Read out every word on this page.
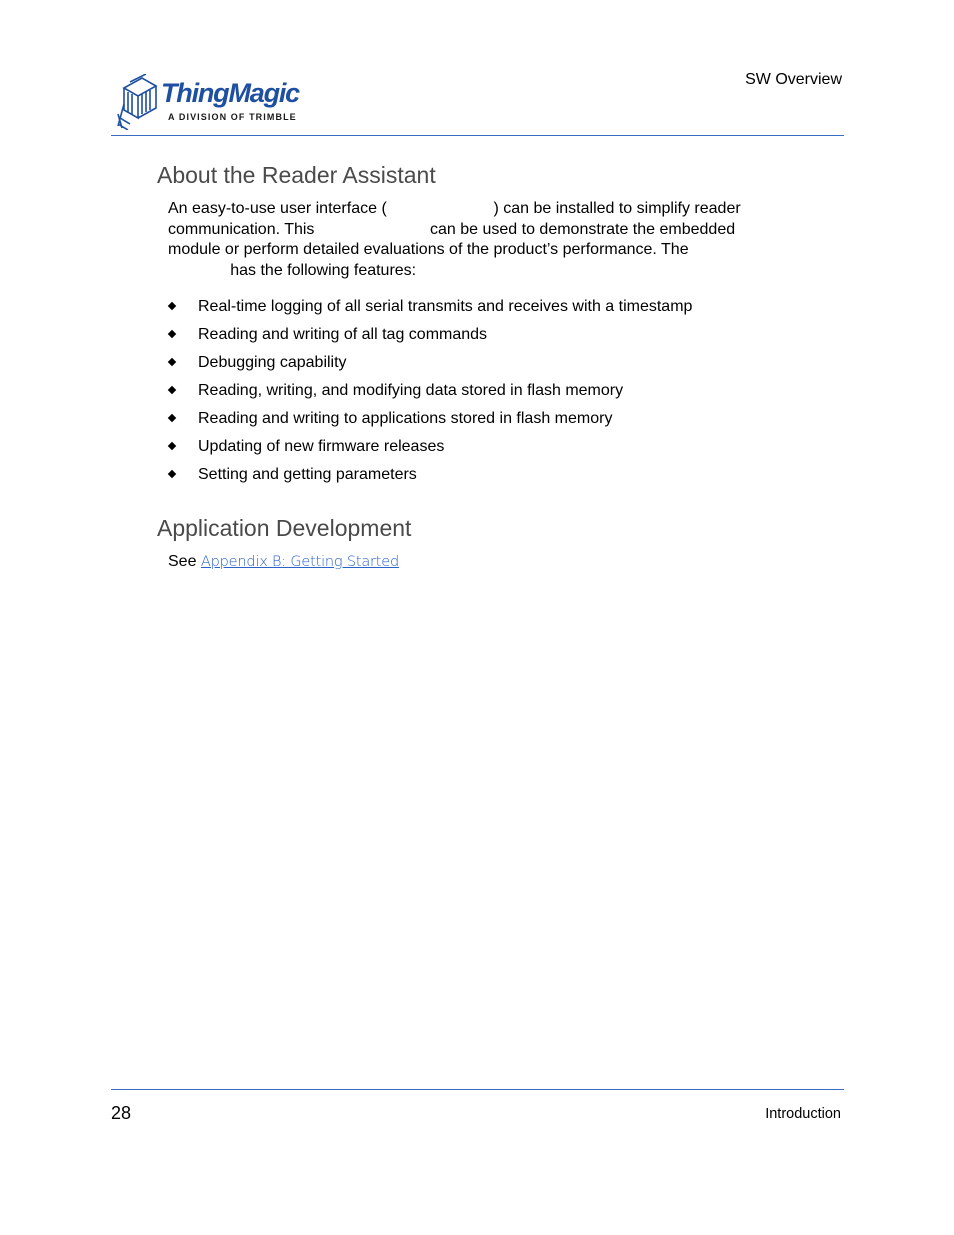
ThingMagic
A DIVISION OF TRIMBLE
SW Overview
About the Reader Assistant

An easy-to-use user interface (                        ) can be installed to simplify reader
communication. This                          can be used to demonstrate the embedded
module or perform detailed evaluations of the product’s performance. The
has the following features:

Real-time logging of all serial transmits and receives with a timestamp
Reading and writing of all tag commands
Debugging capability
Reading, writing, and modifying data stored in flash memory
Reading and writing to applications stored in flash memory
Updating of new firmware releases
Setting and getting parameters
Application Development
See Appendix B: Getting Started
28	Introduction
